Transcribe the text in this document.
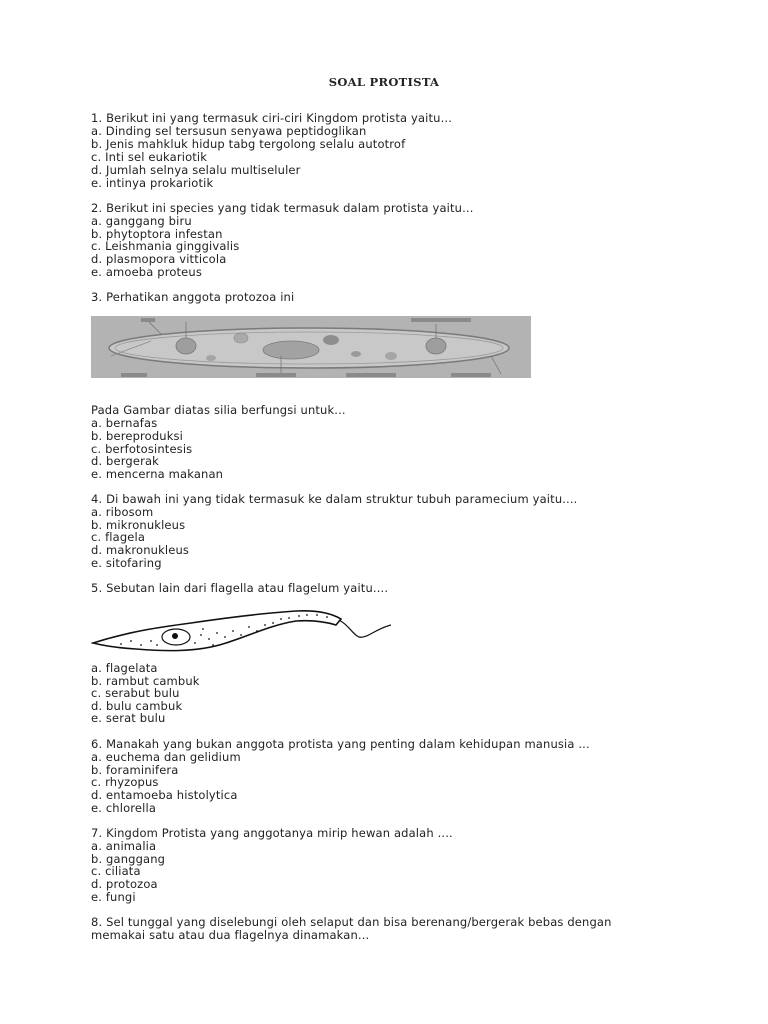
SOAL PROTISTA
1. Berikut ini yang termasuk ciri-ciri Kingdom protista yaitu...
a. Dinding sel tersusun senyawa peptidoglikan
b. Jenis mahkluk hidup tabg tergolong selalu autotrof
c. Inti sel eukariotik
d. Jumlah selnya selalu multiseluler
e. intinya prokariotik
2. Berikut ini species yang tidak termasuk dalam protista yaitu...
a. ganggang biru
b. phytoptora infestan
c. Leishmania ginggivalis
d. plasmopora vitticola
e. amoeba proteus
3. Perhatikan anggota protozoa ini
Pada Gambar diatas silia berfungsi untuk...
a. bernafas
b. bereproduksi
c. berfotosintesis
d. bergerak
e. mencerna makanan
4. Di bawah ini yang tidak termasuk ke dalam struktur tubuh paramecium yaitu....
a. ribosom
b. mikronukleus
c. flagela
d. makronukleus
e. sitofaring
5. Sebutan lain dari flagella atau flagelum yaitu....
a. flagelata
b. rambut cambuk
c. serabut bulu
d. bulu cambuk
e. serat bulu
6. Manakah yang bukan anggota protista yang penting dalam kehidupan manusia ...
a. euchema dan gelidium
b. foraminifera
c. rhyzopus
d. entamoeba histolytica
e. chlorella
7. Kingdom Protista yang anggotanya mirip hewan adalah ....
a. animalia
b. ganggang
c. ciliata
d. protozoa
e. fungi
8. Sel tunggal yang diselebungi oleh selaput dan bisa berenang/bergerak bebas dengan
memakai satu atau dua flagelnya dinamakan...
